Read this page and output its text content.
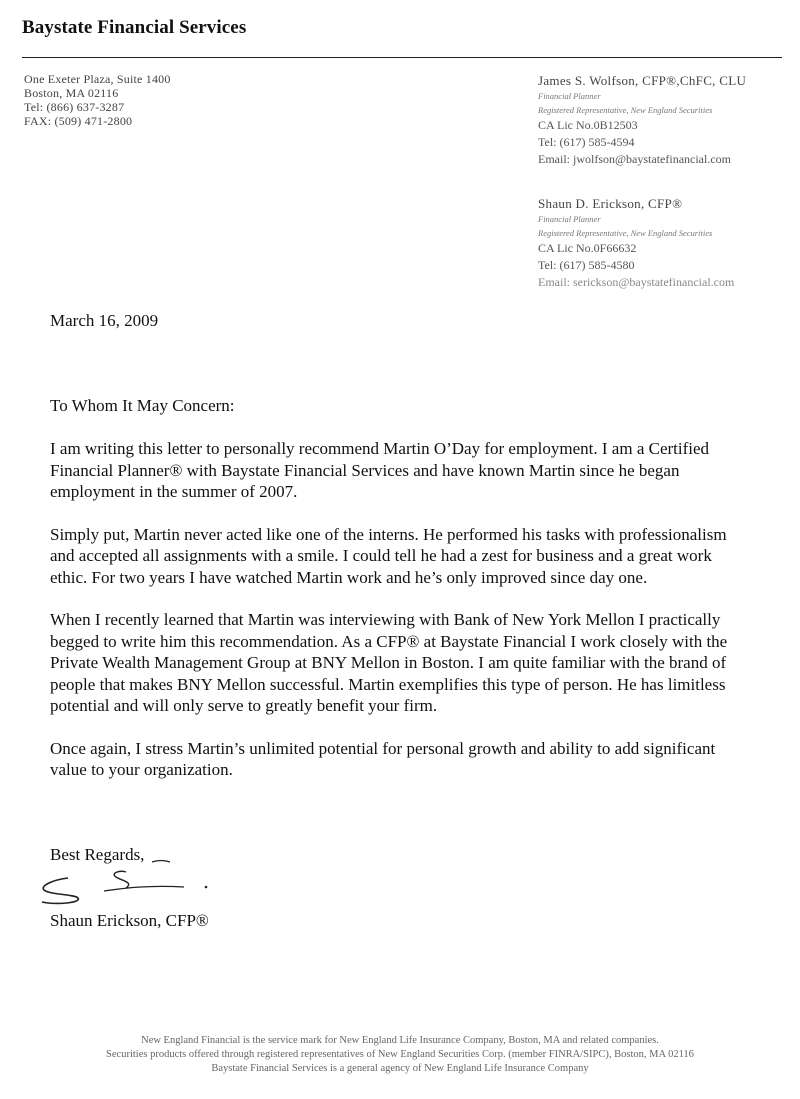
Baystate Financial Services
One Exeter Plaza, Suite 1400
Boston, MA 02116
Tel: (866) 637-3287
FAX: (509) 471-2800
James S. Wolfson, CFP®,ChFC, CLU
Financial Planner
Registered Representative, New England Securities
CA Lic No.0B12503
Tel: (617) 585-4594
Email: jwolfson@baystatefinancial.com
Shaun D. Erickson, CFP®
Financial Planner
Registered Representative, New England Securities
CA Lic No.0F66632
Tel: (617) 585-4580
Email: serickson@baystatefinancial.com
March 16, 2009
To Whom It May Concern:

I am writing this letter to personally recommend Martin O’Day for employment. I am a Certified Financial Planner® with Baystate Financial Services and have known Martin since he began employment in the summer of 2007.

Simply put, Martin never acted like one of the interns. He performed his tasks with professionalism and accepted all assignments with a smile. I could tell he had a zest for business and a great work ethic. For two years I have watched Martin work and he’s only improved since day one.

When I recently learned that Martin was interviewing with Bank of New York Mellon I practically begged to write him this recommendation. As a CFP® at Baystate Financial I work closely with the Private Wealth Management Group at BNY Mellon in Boston. I am quite familiar with the brand of people that makes BNY Mellon successful. Martin exemplifies this type of person. He has limitless potential and will only serve to greatly benefit your firm.

Once again, I stress Martin’s unlimited potential for personal growth and ability to add significant value to your organization.

Best Regards,
Shaun Erickson, CFP®
New England Financial is the service mark for New England Life Insurance Company, Boston, MA and related companies.
Securities products offered through registered representatives of New England Securities Corp. (member FINRA/SIPC), Boston, MA 02116
Baystate Financial Services is a general agency of New England Life Insurance Company
